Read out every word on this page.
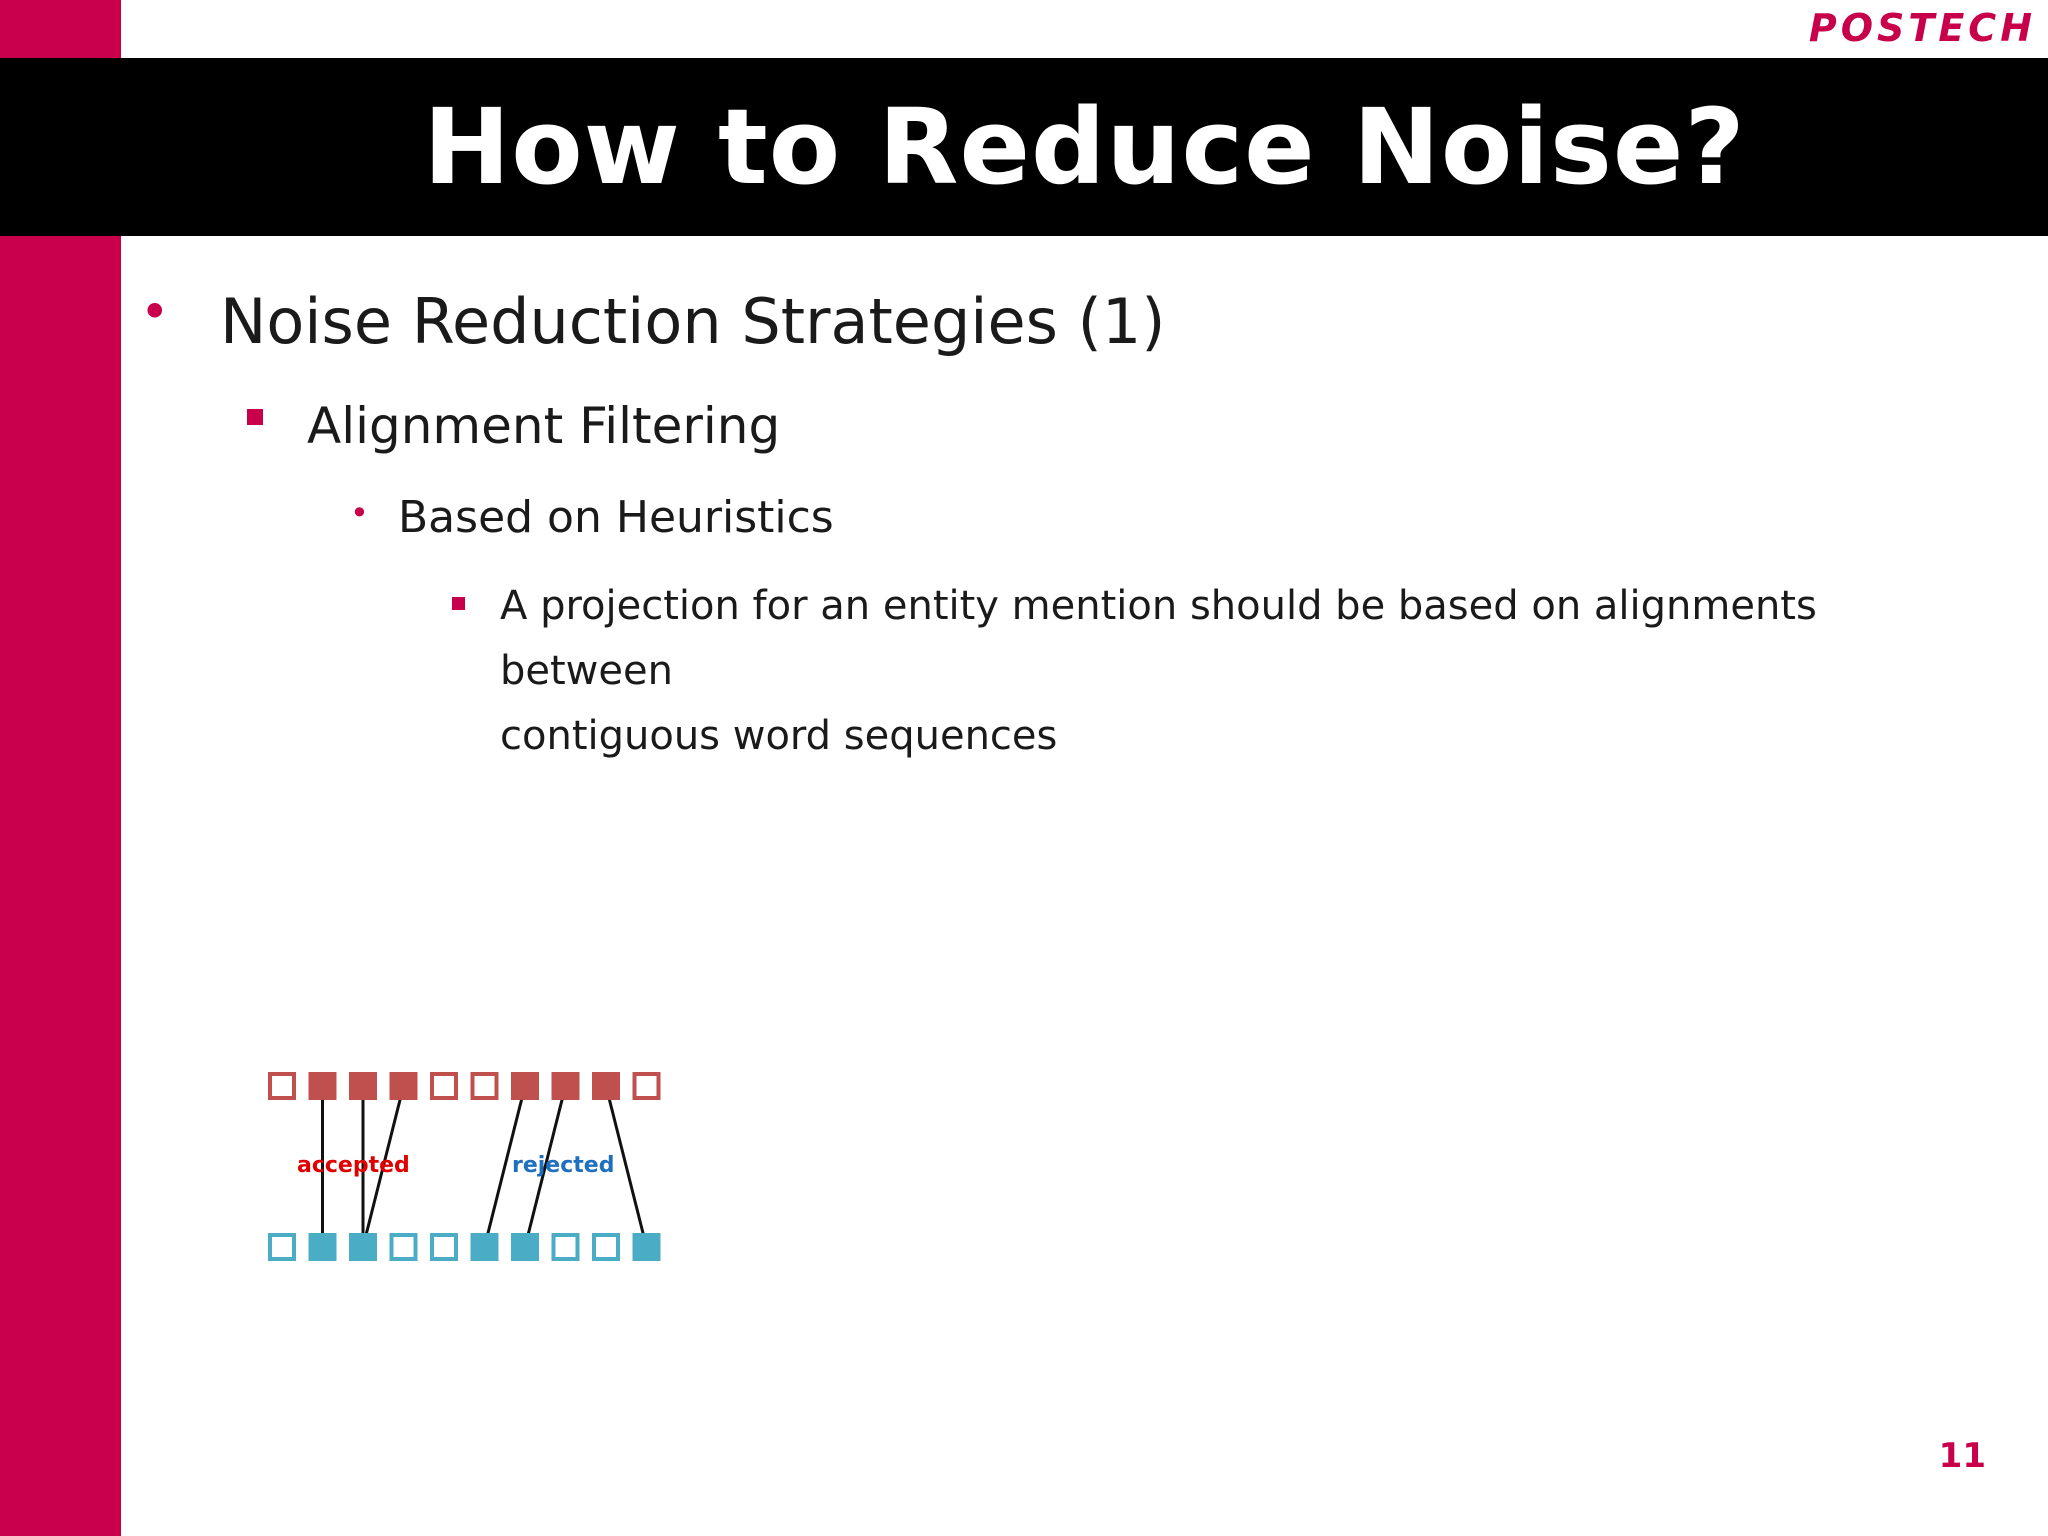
POSTECH
How to Reduce Noise?
• Noise Reduction Strategies (1)
Alignment Filtering
• Based on Heuristics
A projection for an entity mention should be based on alignments between
contiguous word sequences
accepted	rejected
11
